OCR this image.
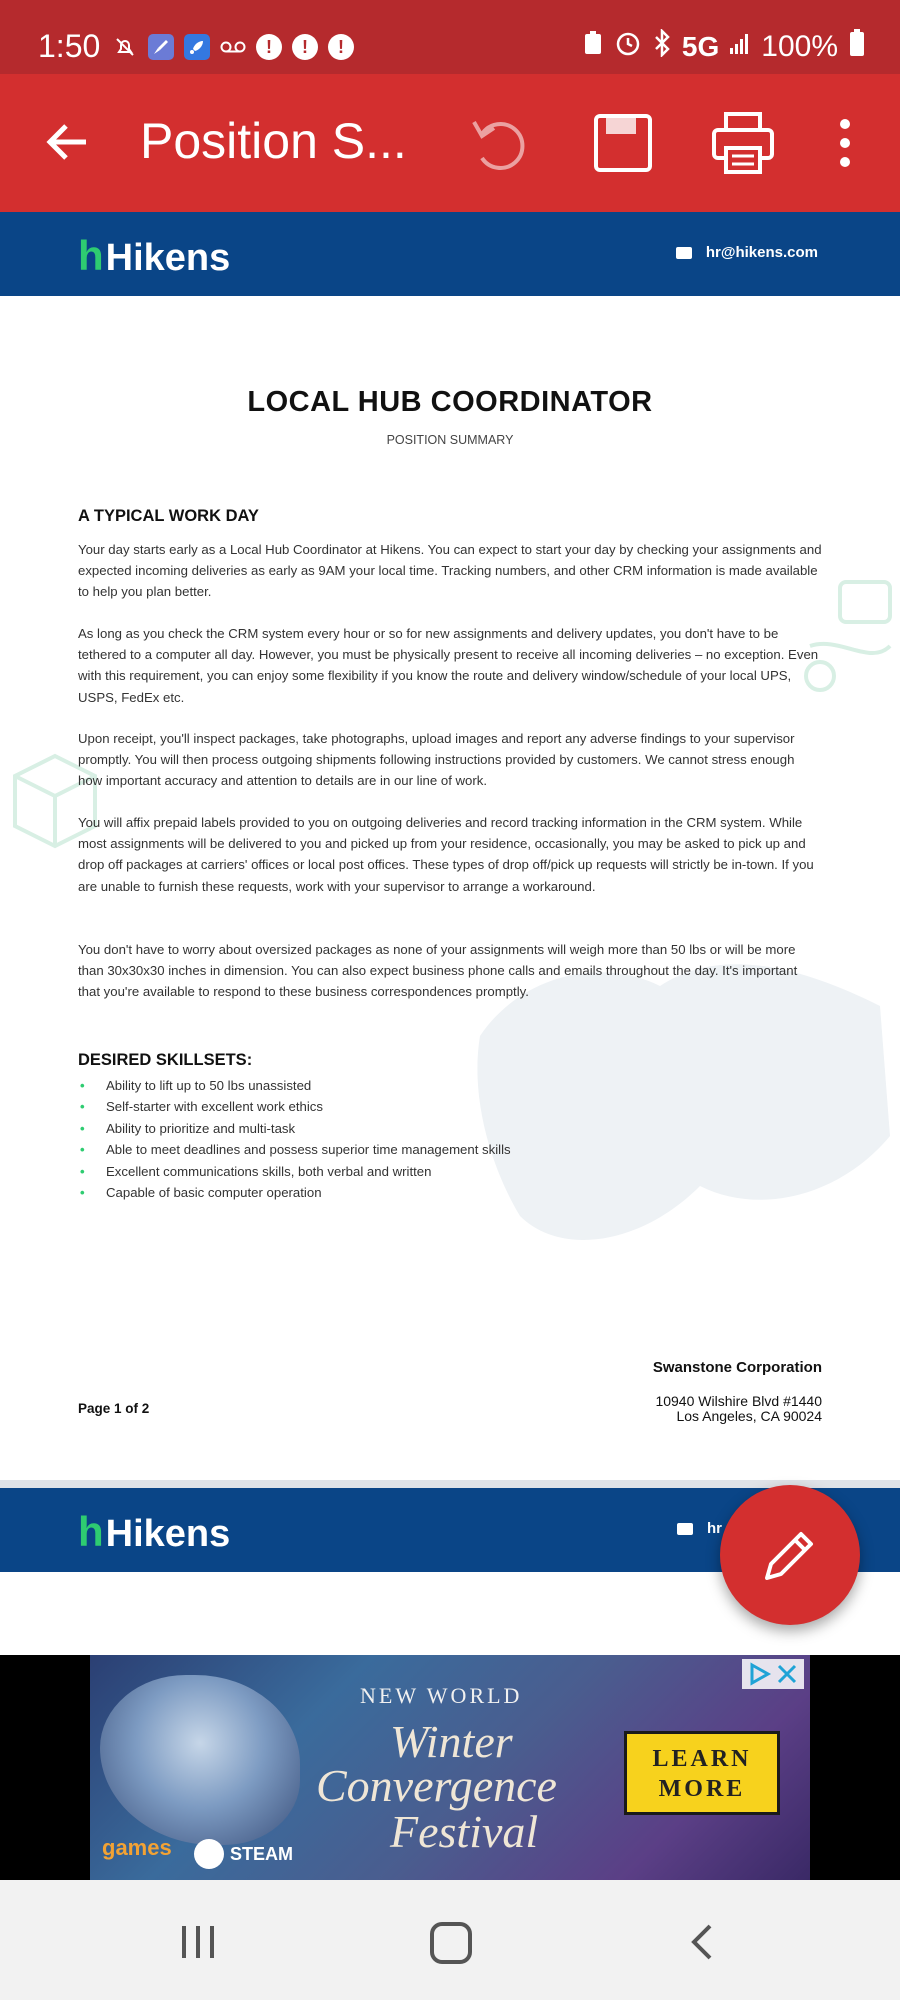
1:50	!	!	!	5G 100%
Position S...
h Hikens	hr@hikens.com
LOCAL HUB COORDINATOR
POSITION SUMMARY
A TYPICAL WORK DAY

Your day starts early as a Local Hub Coordinator at Hikens. You can expect to start your day by checking your assignments and expected incoming deliveries as early as 9AM your local time. Tracking numbers, and other CRM information is made available to help you plan better.

As long as you check the CRM system every hour or so for new assignments and delivery updates, you don't have to be tethered to a computer all day. However, you must be physically present to receive all incoming deliveries – no exception. Even with this requirement, you can enjoy some flexibility if you know the route and delivery window/schedule of your local UPS, USPS, FedEx etc.

Upon receipt, you'll inspect packages, take photographs, upload images and report any adverse findings to your supervisor promptly. You will then process outgoing shipments following instructions provided by customers. We cannot stress enough how important accuracy and attention to details are in our line of work.

You will affix prepaid labels provided to you on outgoing deliveries and record tracking information in the CRM system. While most assignments will be delivered to you and picked up from your residence, occasionally, you may be asked to pick up and drop off packages at carriers' offices or local post offices. These types of drop off/pick up requests will strictly be in-town. If you are unable to furnish these requests, work with your supervisor to arrange a workaround.

You don't have to worry about oversized packages as none of your assignments will weigh more than 50 lbs or will be more than 30x30x30 inches in dimension. You can also expect business phone calls and emails throughout the day. It's important that you're available to respond to these business correspondences promptly.

DESIRED SKILLSETS:
• Ability to lift up to 50 lbs unassisted
• Self-starter with excellent work ethics
• Ability to prioritize and multi-task
• Able to meet deadlines and possess superior time management skills
• Excellent communications skills, both verbal and written
• Capable of basic computer operation
Swanstone Corporation
10940 Wilshire Blvd #1440
Los Angeles, CA 90024
Page 1 of 2
h Hikens	hr
NEW WORLD
Winter
Convergence
Festival
LEARN
MORE
games	STEAM
